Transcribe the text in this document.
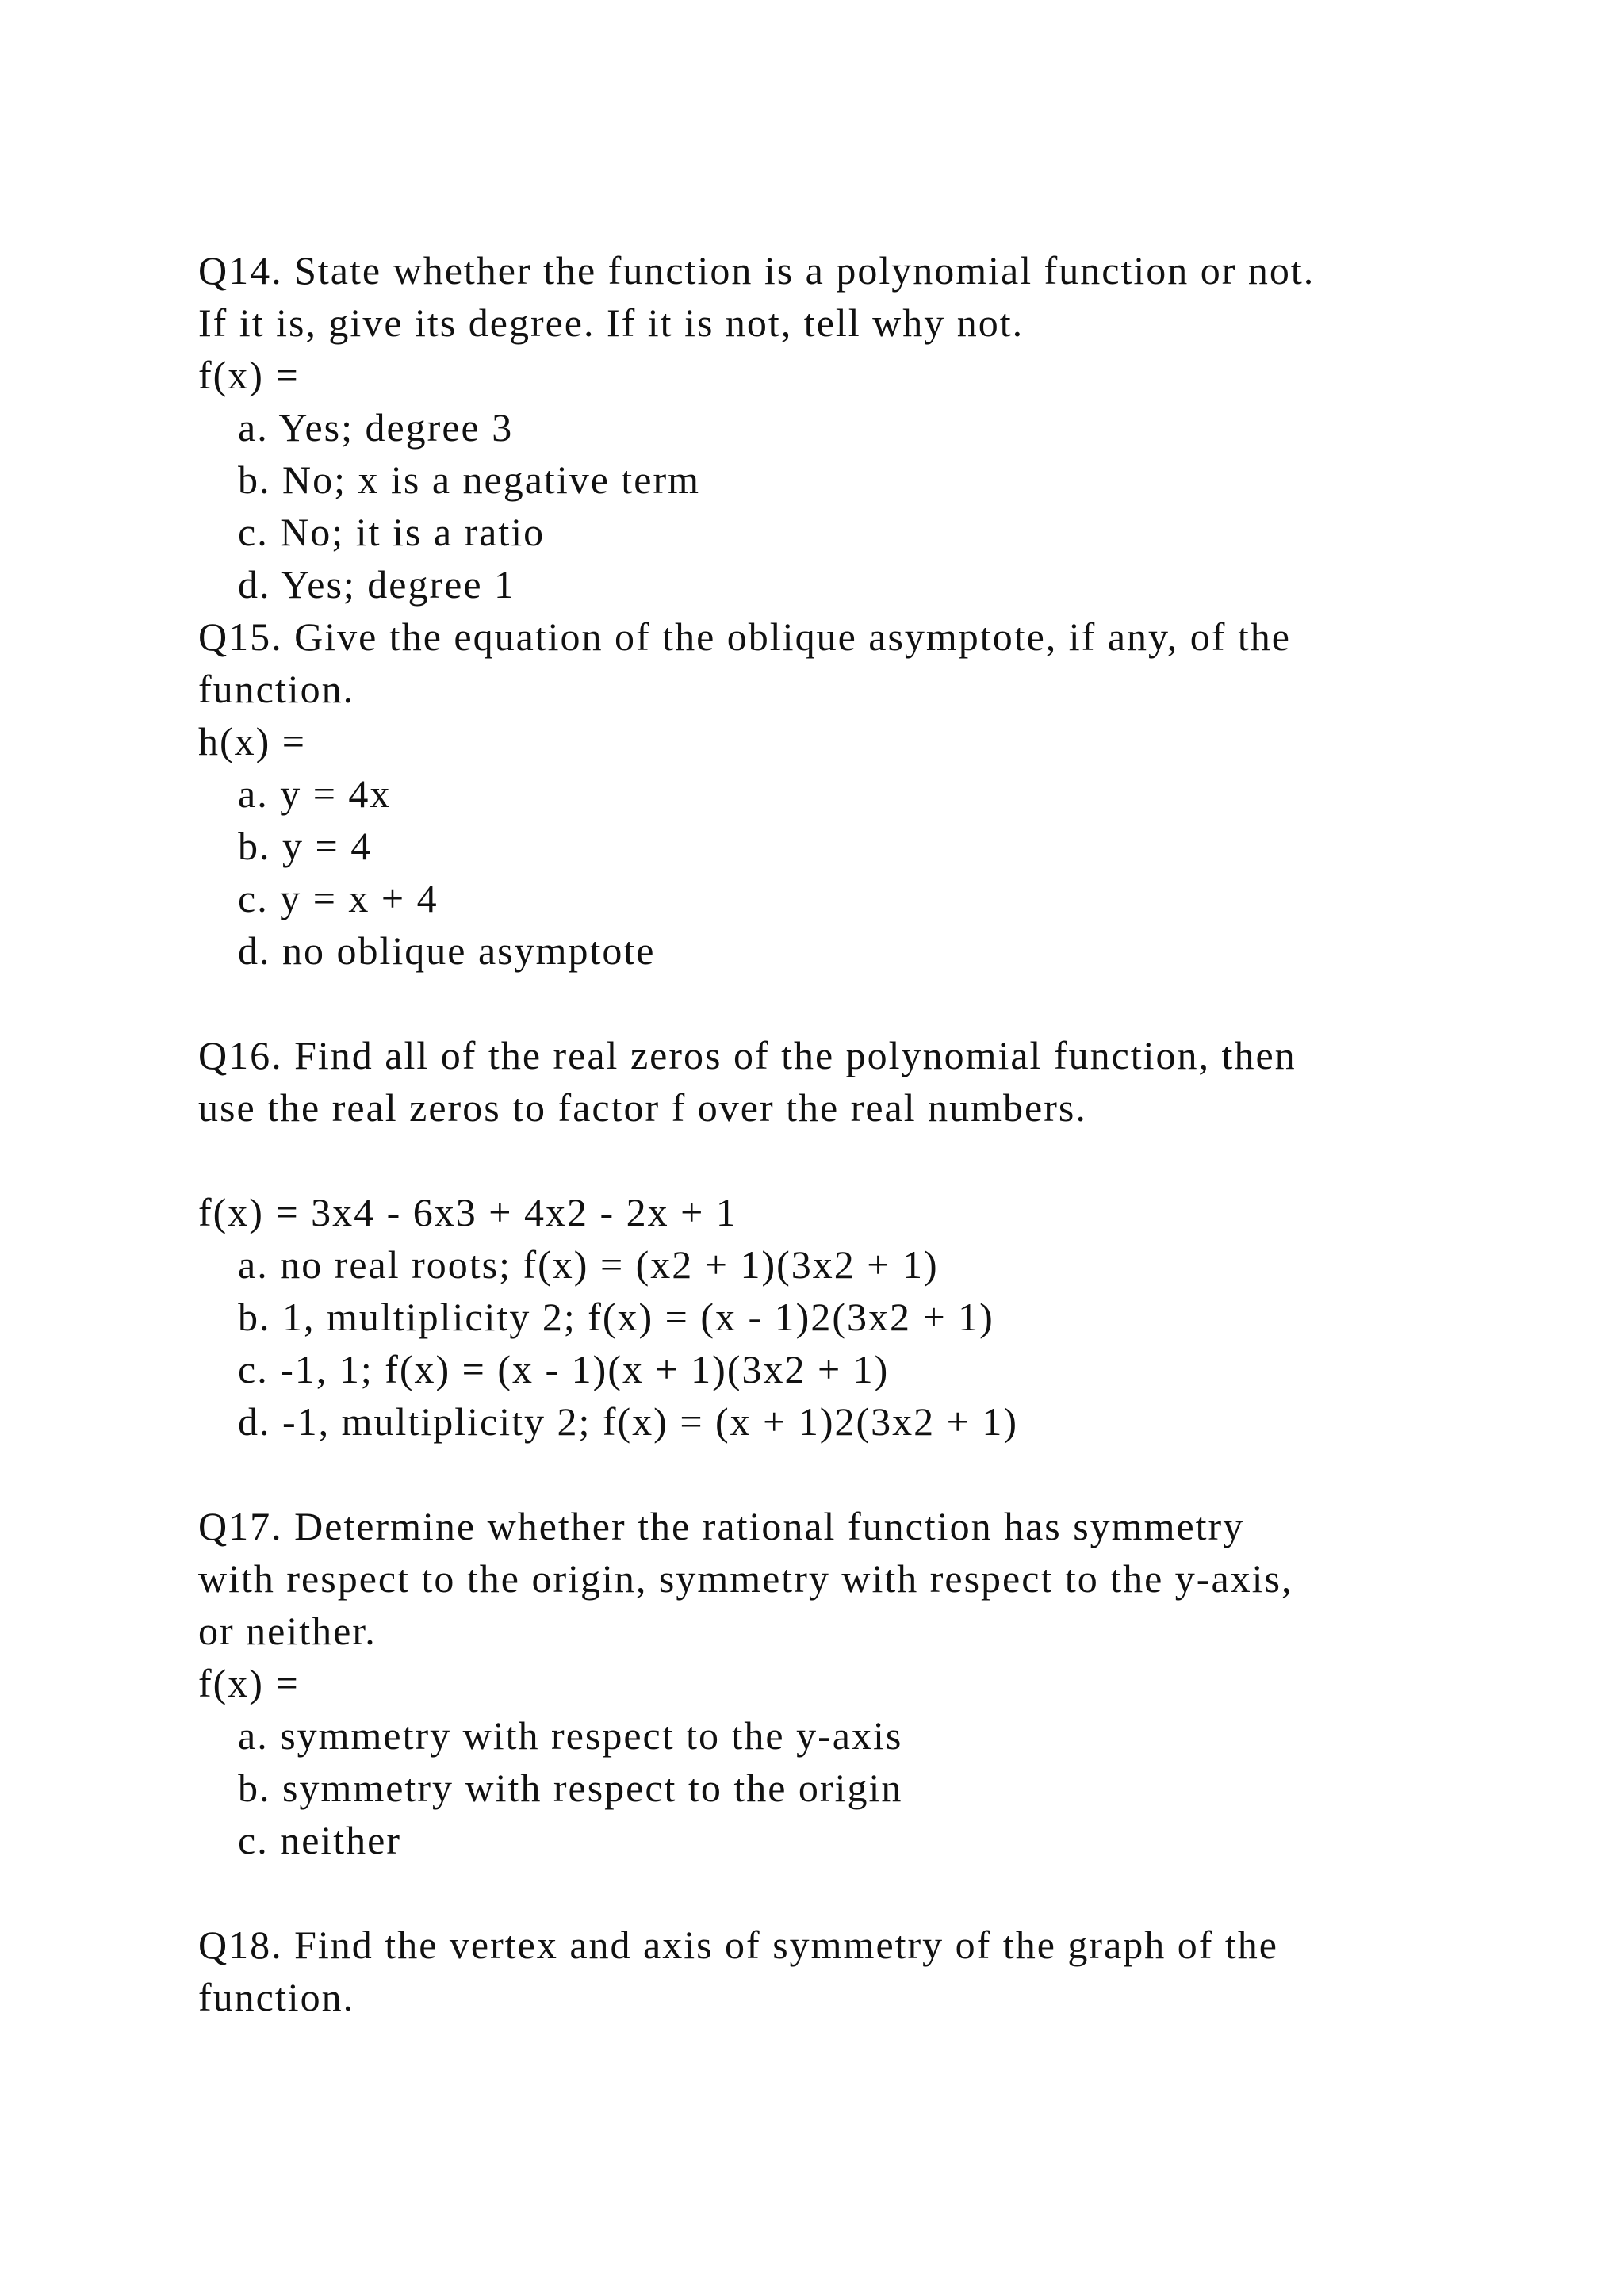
Q14. State whether the function is a polynomial function or not.
If it is, give its degree. If it is not, tell why not.
f(x) =
a. Yes; degree 3
b. No; x is a negative term
c. No; it is a ratio
d. Yes; degree 1
Q15. Give the equation of the oblique asymptote, if any, of the
function.
h(x) =
a. y = 4x
b. y = 4
c. y = x + 4
d. no oblique asymptote
Q16. Find all of the real zeros of the polynomial function, then
use the real zeros to factor f over the real numbers.
f(x) = 3x4 - 6x3 + 4x2 - 2x + 1
a. no real roots; f(x) = (x2 + 1)(3x2 + 1)
b. 1, multiplicity 2; f(x) = (x - 1)2(3x2 + 1)
c. -1, 1; f(x) = (x - 1)(x + 1)(3x2 + 1)
d. -1, multiplicity 2; f(x) = (x + 1)2(3x2 + 1)
Q17. Determine whether the rational function has symmetry
with respect to the origin, symmetry with respect to the y-axis,
or neither.
f(x) =
a. symmetry with respect to the y-axis
b. symmetry with respect to the origin
c. neither
Q18. Find the vertex and axis of symmetry of the graph of the
function.
